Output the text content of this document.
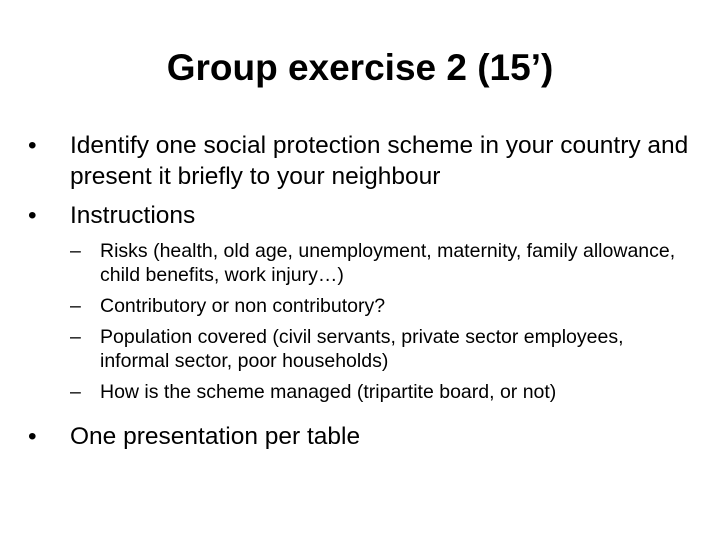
Group exercise 2 (15’)
•	Identify one social protection scheme in your country and present it briefly to your neighbour
•	Instructions
– Risks (health, old age, unemployment, maternity, family allowance, child benefits, work injury…)
– Contributory or non contributory?
– Population covered (civil servants, private sector employees, informal sector, poor households)
– How is the scheme managed (tripartite board, or not)
•	One presentation per table
